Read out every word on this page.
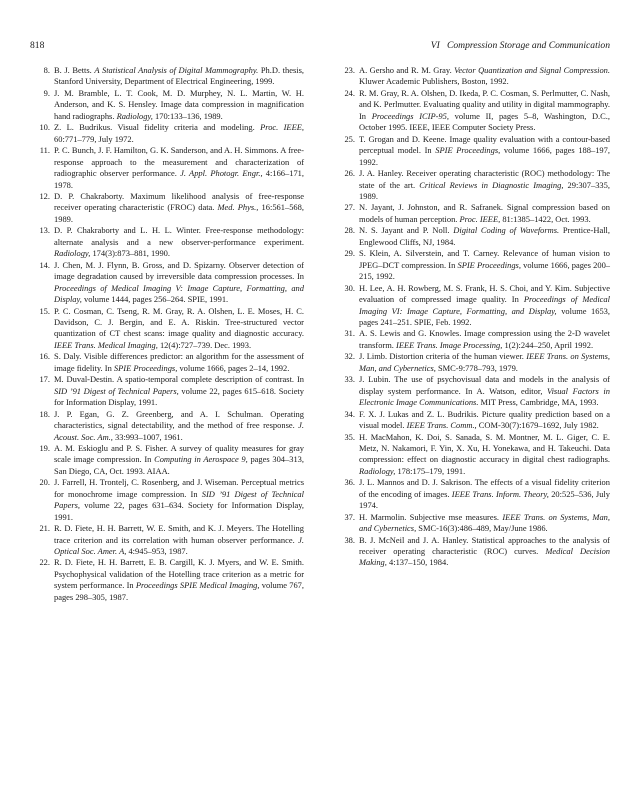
818	VI Compression Storage and Communication

8. B. J. Betts. A Statistical Analysis of Digital Mammography. Ph.D. thesis, Stanford University, Department of Electrical Engineering, 1999.

9. J. M. Bramble, L. T. Cook, M. D. Murphey, N. L. Martin, W. H. Anderson, and K. S. Hensley. Image data compression in magnification hand radiographs. Radiology, 170:133–136, 1989.

10. Z. L. Budrikus. Visual fidelity criteria and modeling. Proc. IEEE, 60:771–779, July 1972.

11. P. C. Bunch, J. F. Hamilton, G. K. Sanderson, and A. H. Simmons. A free-response approach to the measurement and characterization of radiographic observer performance. J. Appl. Photogr. Engr., 4:166–171, 1978.

12. D. P. Chakraborty. Maximum likelihood analysis of free-response receiver operating characteristic (FROC) data. Med. Phys., 16:561–568, 1989.

13. D. P. Chakraborty and L. H. L. Winter. Free-response methodology: alternate analysis and a new observer-performance experiment. Radiology, 174(3):873–881, 1990.

14. J. Chen, M. J. Flynn, B. Gross, and D. Spizarny. Observer detection of image degradation caused by irreversible data compression processes. In Proceedings of Medical Imaging V: Image Capture, Formatting, and Display, volume 1444, pages 256–264. SPIE, 1991.

15. P. C. Cosman, C. Tseng, R. M. Gray, R. A. Olshen, L. E. Moses, H. C. Davidson, C. J. Bergin, and E. A. Riskin. Tree-structured vector quantization of CT chest scans: image quality and diagnostic accuracy. IEEE Trans. Medical Imaging, 12(4):727–739. Dec. 1993.

16. S. Daly. Visible differences predictor: an algorithm for the assessment of image fidelity. In SPIE Proceedings, volume 1666, pages 2–14, 1992.

17. M. Duval-Destin. A spatio-temporal complete description of contrast. In SID ’91 Digest of Technical Papers, volume 22, pages 615–618. Society for Information Display, 1991.

18. J. P. Egan, G. Z. Greenberg, and A. I. Schulman. Operating characteristics, signal detectability, and the method of free response. J. Acoust. Soc. Am., 33:993–1007, 1961.

19. A. M. Eskioglu and P. S. Fisher. A survey of quality measures for gray scale image compression. In Computing in Aerospace 9, pages 304–313, San Diego, CA, Oct. 1993. AIAA.

20. J. Farrell, H. Trontelj, C. Rosenberg, and J. Wiseman. Perceptual metrics for monochrome image compression. In SID ’91 Digest of Technical Papers, volume 22, pages 631–634. Society for Information Display, 1991.

21. R. D. Fiete, H. H. Barrett, W. E. Smith, and K. J. Meyers. The Hotelling trace criterion and its correlation with human observer performance. J. Optical Soc. Amer. A, 4:945–953, 1987.

22. R. D. Fiete, H. H. Barrett, E. B. Cargill, K. J. Myers, and W. E. Smith. Psychophysical validation of the Hotelling trace criterion as a metric for system performance. In Proceedings SPIE Medical Imaging, volume 767, pages 298–305, 1987.

23. A. Gersho and R. M. Gray. Vector Quantization and Signal Compression. Kluwer Academic Publishers, Boston, 1992.

24. R. M. Gray, R. A. Olshen, D. Ikeda, P. C. Cosman, S. Perlmutter, C. Nash, and K. Perlmutter. Evaluating quality and utility in digital mammography. In Proceedings ICIP-95, volume II, pages 5–8, Washington, D.C., October 1995. IEEE, IEEE Computer Society Press.

25. T. Grogan and D. Keene. Image quality evaluation with a contour-based perceptual model. In SPIE Proceedings, volume 1666, pages 188–197, 1992.

26. J. A. Hanley. Receiver operating characteristic (ROC) methodology: The state of the art. Critical Reviews in Diagnostic Imaging, 29:307–335, 1989.

27. N. Jayant, J. Johnston, and R. Safranek. Signal compression based on models of human perception. Proc. IEEE, 81:1385–1422, Oct. 1993.

28. N. S. Jayant and P. Noll. Digital Coding of Waveforms. Prentice-Hall, Englewood Cliffs, NJ, 1984.

29. S. Klein, A. Silverstein, and T. Carney. Relevance of human vision to JPEG–DCT compression. In SPIE Proceedings, volume 1666, pages 200–215, 1992.

30. H. Lee, A. H. Rowberg, M. S. Frank, H. S. Choi, and Y. Kim. Subjective evaluation of compressed image quality. In Proceedings of Medical Imaging VI: Image Capture, Formatting, and Display, volume 1653, pages 241–251. SPIE, Feb. 1992.

31. A. S. Lewis and G. Knowles. Image compression using the 2-D wavelet transform. IEEE Trans. Image Processing, 1(2):244–250, April 1992.

32. J. Limb. Distortion criteria of the human viewer. IEEE Trans. on Systems, Man, and Cybernetics, SMC-9:778–793, 1979.

33. J. Lubin. The use of psychovisual data and models in the analysis of display system performance. In A. Watson, editor, Visual Factors in Electronic Image Communications. MIT Press, Cambridge, MA, 1993.

34. F. X. J. Lukas and Z. L. Budrikis. Picture quality prediction based on a visual model. IEEE Trans. Comm., COM-30(7):1679–1692, July 1982.

35. H. MacMahon, K. Doi, S. Sanada, S. M. Montner, M. L. Giger, C. E. Metz, N. Nakamori, F. Yin, X. Xu, H. Yonekawa, and H. Takeuchi. Data compression: effect on diagnostic accuracy in digital chest radiographs. Radiology, 178:175–179, 1991.

36. J. L. Mannos and D. J. Sakrison. The effects of a visual fidelity criterion of the encoding of images. IEEE Trans. Inform. Theory, 20:525–536, July 1974.

37. H. Marmolin. Subjective mse measures. IEEE Trans. on Systems, Man, and Cybernetics, SMC-16(3):486–489, May/June 1986.

38. B. J. McNeil and J. A. Hanley. Statistical approaches to the analysis of receiver operating characteristic (ROC) curves. Medical Decision Making, 4:137–150, 1984.
